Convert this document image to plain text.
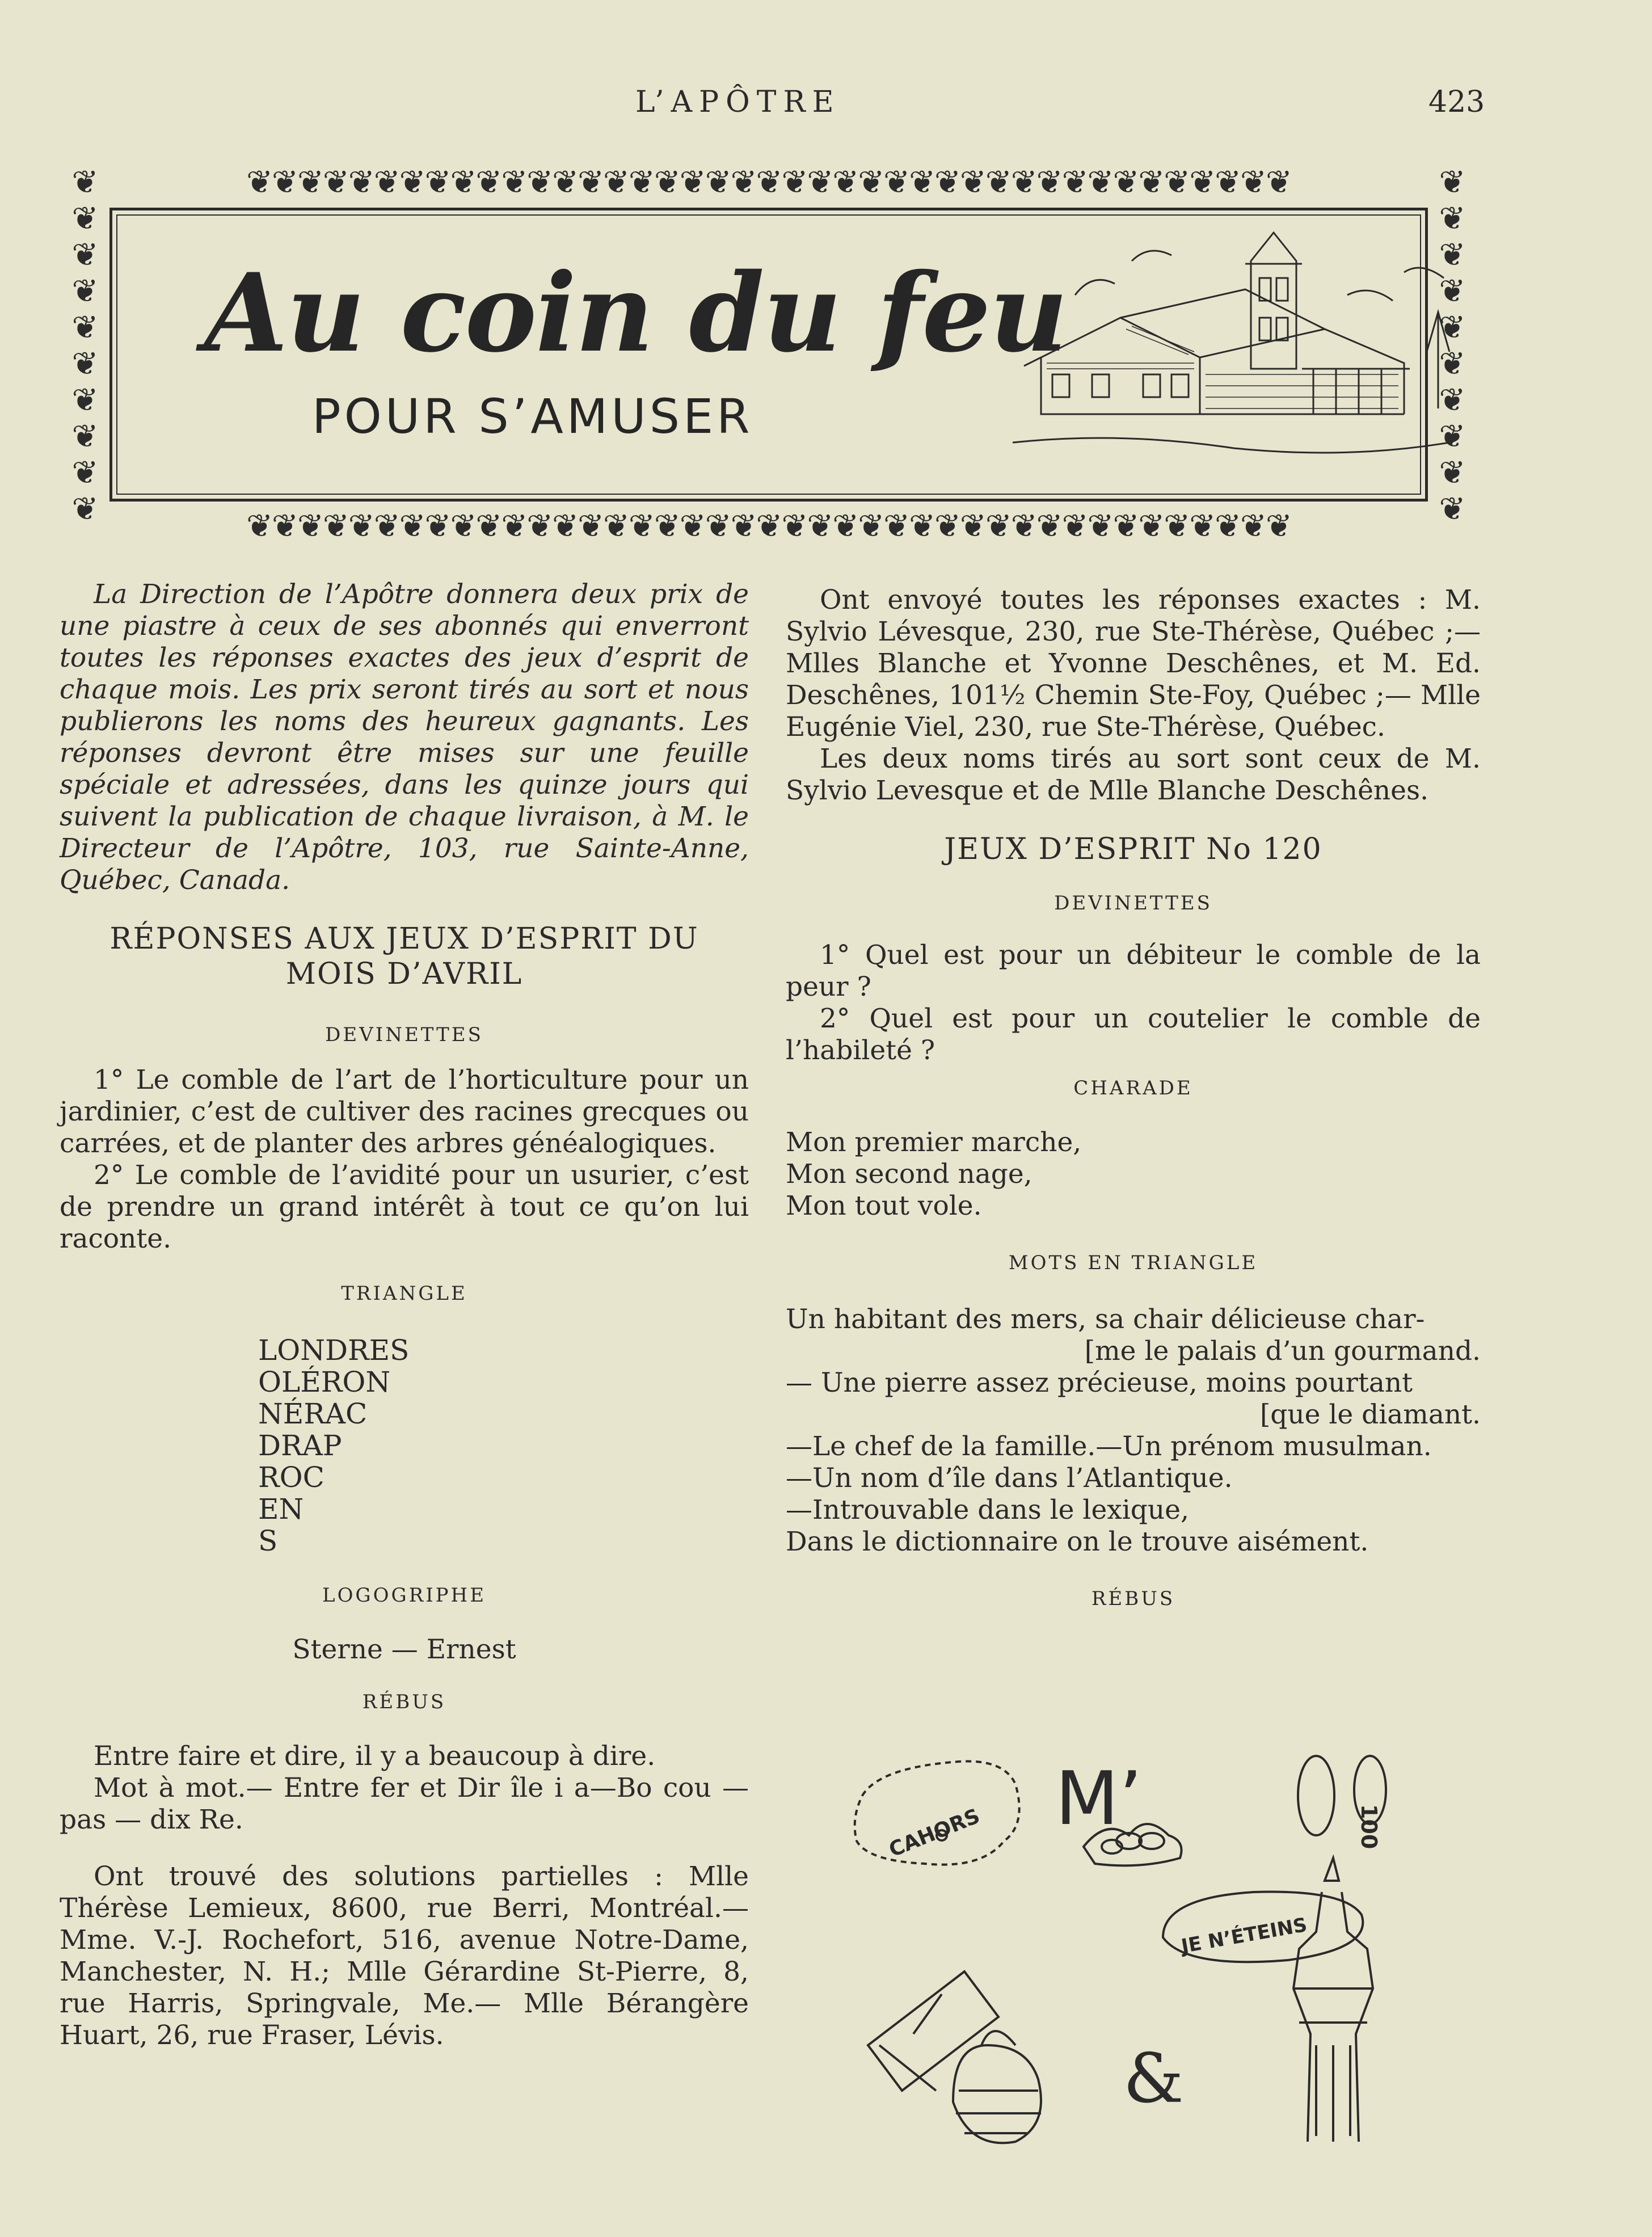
L’APÔTRE	423
❦❦❦❦❦❦❦❦❦❦❦❦❦❦❦❦❦❦❦❦❦❦❦❦❦❦❦❦❦❦❦❦❦❦❦❦❦❦❦❦❦
❦❦❦❦❦❦❦❦❦❦❦❦❦❦❦❦❦❦❦❦❦❦❦❦❦❦❦❦❦❦❦❦❦❦❦❦❦❦❦❦❦
❦
❦
❦
❦
❦
❦
❦
❦
❦
❦
❦
❦
❦
❦
❦
❦
❦
❦
❦
❦
Au coin du feu
POUR S’AMUSER

La Direction de l’Apôtre donnera deux prix de une piastre à ceux de ses abonnés qui enverront toutes les réponses exactes des jeux d’esprit de chaque mois. Les prix seront tirés au sort et nous publierons les noms des heureux gagnants. Les réponses devront être mises sur une feuille spéciale et adressées, dans les quinze jours qui suivent la publication de chaque livraison, à M. le Directeur de l’Apôtre, 103, rue Sainte-Anne, Québec, Canada.

RÉPONSES AUX JEUX D’ESPRIT DU MOIS D’AVRIL

DEVINETTES

1° Le comble de l’art de l’horticulture pour un jardinier, c’est de cultiver des racines grecques ou carrées, et de planter des arbres généalogiques.

2° Le comble de l’avidité pour un usurier, c’est de prendre un grand intérêt à tout ce qu’on lui raconte.

TRIANGLE

LONDRES
OLÉRON
NÉRAC
DRAP
ROC
EN
S

LOGOGRIPHE

Sterne — Ernest

RÉBUS

Entre faire et dire, il y a beaucoup à dire.

Mot à mot.— Entre fer et Dir île i a—Bo cou — pas — dix Re.

Ont trouvé des solutions partielles : Mlle Thérèse Lemieux, 8600, rue Berri, Montréal.— Mme. V.-J. Rochefort, 516, avenue Notre-Dame, Manchester, N. H.; Mlle Gérardine St-Pierre, 8, rue Harris, Springvale, Me.— Mlle Bérangère Huart, 26, rue Fraser, Lévis.

Ont envoyé toutes les réponses exactes : M. Sylvio Lévesque, 230, rue Ste-Thérèse, Québec ;— Mlles Blanche et Yvonne Deschênes, et M. Ed. Deschênes, 101½ Chemin Ste-Foy, Québec ;— Mlle Eugénie Viel, 230, rue Ste-Thérèse, Québec.

Les deux noms tirés au sort sont ceux de M. Sylvio Levesque et de Mlle Blanche Deschênes.

JEUX D’ESPRIT No 120

DEVINETTES

1° Quel est pour un débiteur le comble de la peur ?

2° Quel est pour un coutelier le comble de l’habileté ?

CHARADE

Mon premier marche,
Mon second nage,
Mon tout vole.

MOTS EN TRIANGLE

Un habitant des mers, sa chair délicieuse char-
[me le palais d’un gourmand.
— Une pierre assez précieuse, moins pourtant
[que le diamant.
—Le chef de la famille.—Un prénom musulman.
—Un nom d’île dans l’Atlantique.
—Introuvable dans le lexique,
Dans le dictionnaire on le trouve aisément.

RÉBUS

CAHORS M’	100
JE N’ÉTEINS
&
